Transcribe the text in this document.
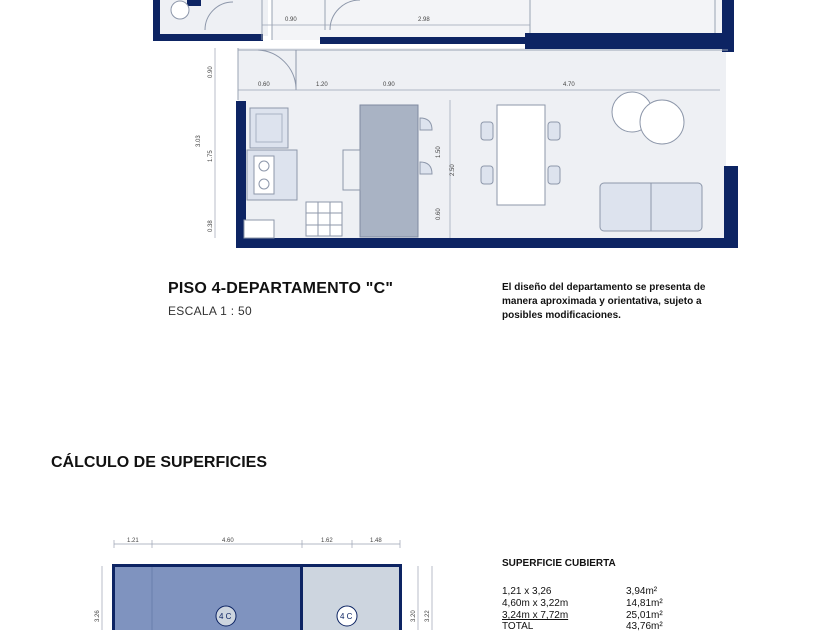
0.90	2.98
0.60	1.20	0.90	4.70
0.90
3.03
1.75
0.38
1.50
2.50
0.60
PISO 4-DEPARTAMENTO "C"
ESCALA 1 : 50
El diseño del departamento se presenta de
manera aproximada y orientativa, sujeto a
posibles modificaciones.
CÁLCULO DE SUPERFICIES
1.21	4.60	1.62	1.48
3.26	3.20 3.22
4 C	4 C
SUPERFICIE CUBIERTA
1,21 x 3,26	3,94m²
4,60m x 3,22m	14,81m²
3,24m x 7,72m	25,01m²
TOTAL	43,76m²
